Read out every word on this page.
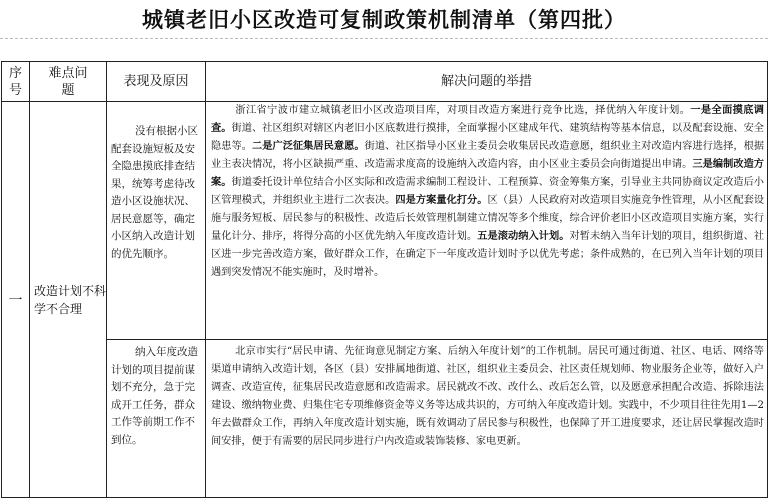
城镇老旧小区改造可复制政策机制清单（第四批）
序号	难点问题	表现及原因	解决问题的举措
一	改造计划不科学不合理	没有根据小区配套设施短板及安全隐患摸底排查结果，统筹考虑待改造小区设施状况、居民意愿等，确定小区纳入改造计划的优先顺序。	浙江省宁波市建立城镇老旧小区改造项目库，对项目改造方案进行竞争比选，择优纳入年度计划。一是全面摸底调查。街道、社区组织对辖区内老旧小区底数进行摸排，全面掌握小区建成年代、建筑结构等基本信息，以及配套设施、安全隐患等。二是广泛征集居民意愿。街道、社区指导小区业主委员会收集居民改造意愿，组织业主对改造内容进行选择，根据业主表决情况，将小区缺损严重、改造需求度高的设施纳入改造内容，由小区业主委员会向街道提出申请。三是编制改造方案。街道委托设计单位结合小区实际和改造需求编制工程设计、工程预算、资金筹集方案，引导业主共同协商议定改造后小区管理模式，并组织业主进行二次表决。四是方案量化打分。区（县）人民政府对改造项目实施竞争性管理，从小区配套设施与服务短板、居民参与的积极性、改造后长效管理机制建立情况等多个维度，综合评价老旧小区改造项目实施方案，实行量化计分、排序，将得分高的小区优先纳入年度改造计划。五是滚动纳入计划。对暂未纳入当年计划的项目，组织街道、社区进一步完善改造方案，做好群众工作，在确定下一年度改造计划时予以优先考虑；条件成熟的，在已列入当年计划的项目遇到突发情况不能实施时，及时增补。
		纳入年度改造计划的项目提前谋划不充分，急于完成开工任务，群众工作等前期工作不到位。	北京市实行“居民申请、先征询意见制定方案、后纳入年度计划”的工作机制。居民可通过街道、社区、电话、网络等渠道申请纳入改造计划，各区（县）安排属地街道、社区，组织业主委员会、社区责任规划师、物业服务企业等，做好入户调查、改造宣传，征集居民改造意愿和改造需求。居民就改不改、改什么、改后怎么管，以及愿意承担配合改造、拆除违法建设、缴纳物业费、归集住宅专项维修资金等义务等达成共识的，方可纳入年度改造计划。实践中，不少项目往往先用1—2年去做群众工作，再纳入年度改造计划实施，既有效调动了居民参与积极性，也保障了开工进度要求，还让居民掌握改造时间安排，便于有需要的居民同步进行户内改造或装饰装修、家电更新。
